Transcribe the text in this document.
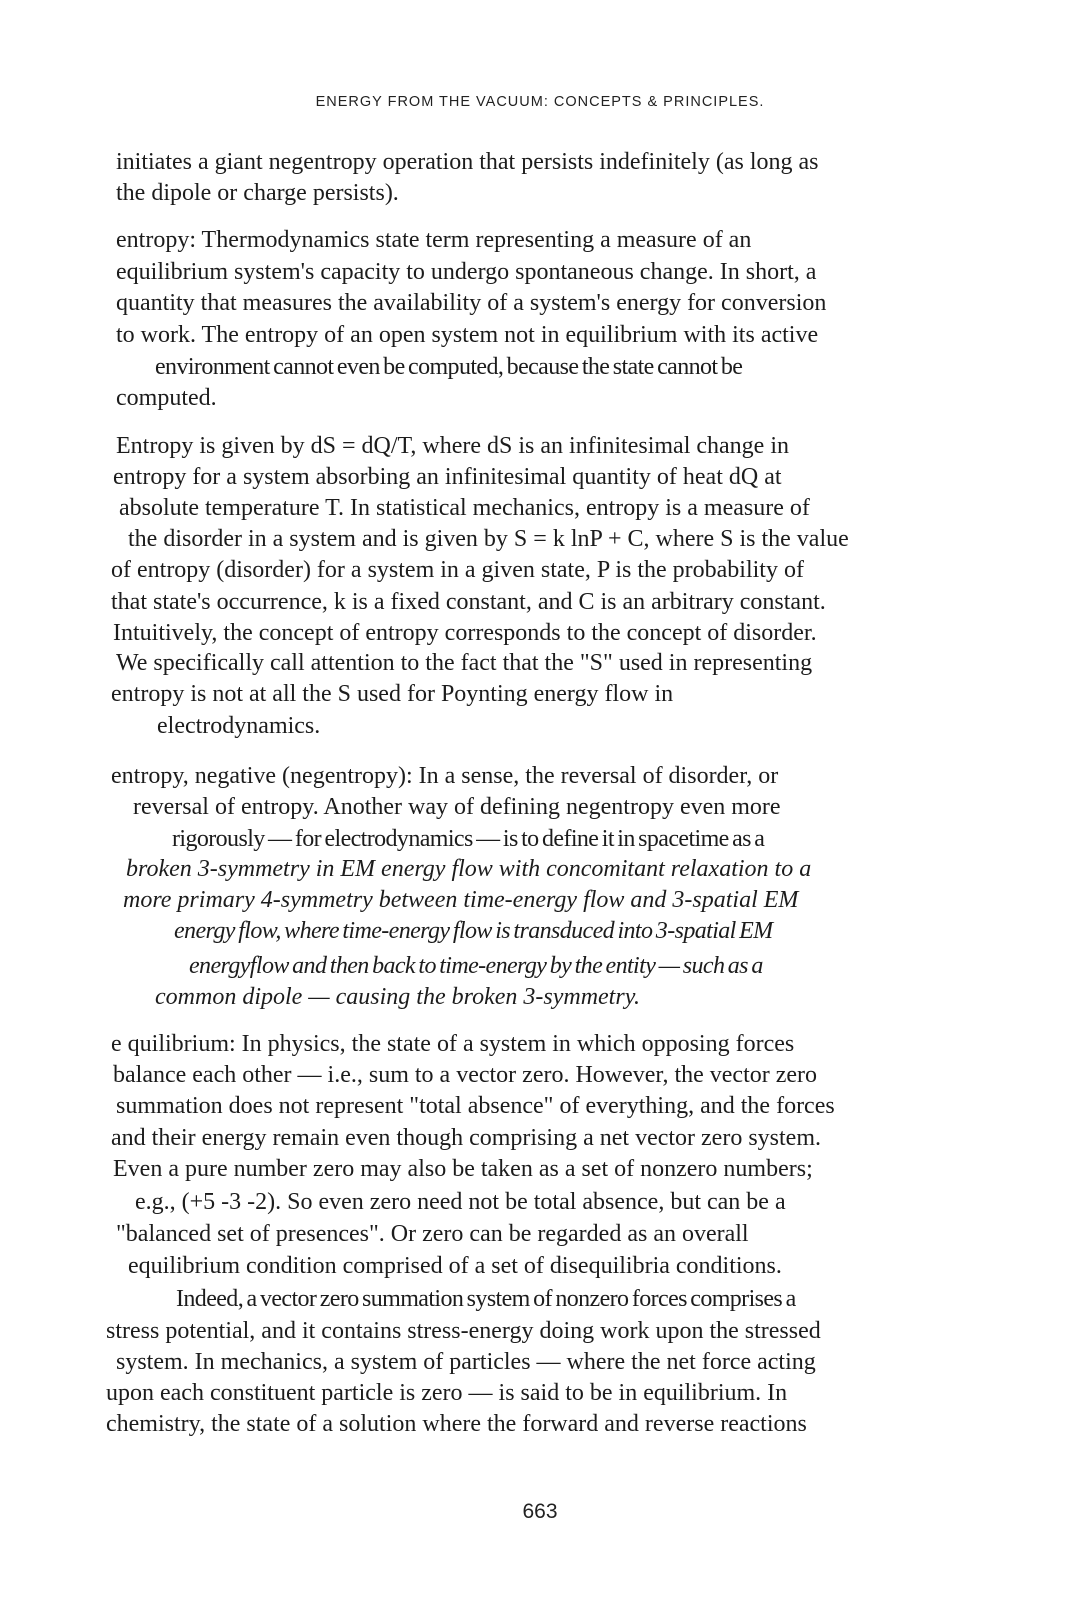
ENERGY FROM THE VACUUM: CONCEPTS & PRINCIPLES.
initiates a giant negentropy operation that persists indefinitely (as long as
the dipole or charge persists).
entropy: Thermodynamics state term representing a measure of an
equilibrium system's capacity to undergo spontaneous change. In short, a
quantity that measures the availability of a system's energy for conversion
to work. The entropy of an open system not in equilibrium with its active
environment cannot even be computed, because the state cannot be
computed.
Entropy is given by dS = dQ/T, where dS is an infinitesimal change in
entropy for a system absorbing an infinitesimal quantity of heat dQ at
absolute temperature T. In statistical mechanics, entropy is a measure of
the disorder in a system and is given by S = k lnP + C, where S is the value
of entropy (disorder) for a system in a given state, P is the probability of
that state's occurrence, k is a fixed constant, and C is an arbitrary constant.
Intuitively, the concept of entropy corresponds to the concept of disorder.
We specifically call attention to the fact that the "S" used in representing
entropy is not at all the S used for Poynting energy flow in
electrodynamics.
entropy, negative (negentropy): In a sense, the reversal of disorder, or
reversal of entropy. Another way of defining negentropy even more
rigorously — for electrodynamics — is to define it in spacetime as a
broken 3-symmetry in EM energy flow with concomitant relaxation to a
more primary 4-symmetry between time-energy flow and 3-spatial EM
energy flow, where time-energy flow is transduced into 3-spatial EM
energyflow and then back to time-energy by the entity — such as a
common dipole — causing the broken 3-symmetry.
e quilibrium: In physics, the state of a system in which opposing forces
balance each other — i.e., sum to a vector zero. However, the vector zero
summation does not represent "total absence" of everything, and the forces
and their energy remain even though comprising a net vector zero system.
Even a pure number zero may also be taken as a set of nonzero numbers;
e.g., (+5 -3 -2). So even zero need not be total absence, but can be a
"balanced set of presences". Or zero can be regarded as an overall
equilibrium condition comprised of a set of disequilibria conditions.
Indeed, a vector zero summation system of nonzero forces comprises a
stress potential, and it contains stress-energy doing work upon the stressed
system. In mechanics, a system of particles — where the net force acting
upon each constituent particle is zero — is said to be in equilibrium. In
chemistry, the state of a solution where the forward and reverse reactions
663
